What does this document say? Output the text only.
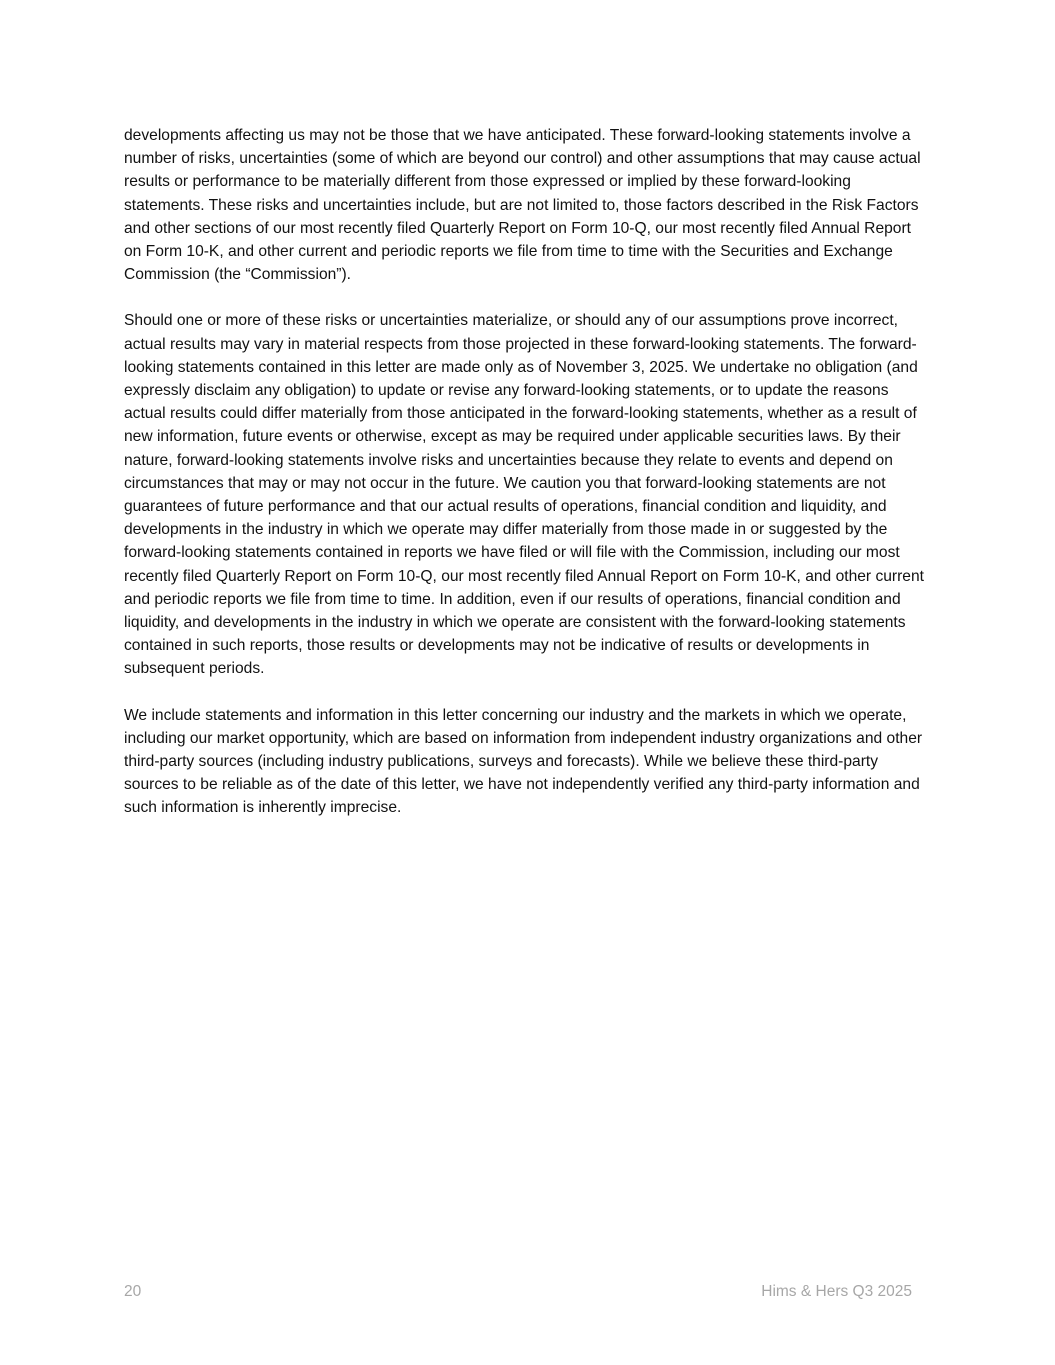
developments affecting us may not be those that we have anticipated. These forward-looking statements involve a number of risks, uncertainties (some of which are beyond our control) and other assumptions that may cause actual results or performance to be materially different from those expressed or implied by these forward-looking statements. These risks and uncertainties include, but are not limited to, those factors described in the Risk Factors and other sections of our most recently filed Quarterly Report on Form 10-Q, our most recently filed Annual Report on Form 10-K, and other current and periodic reports we file from time to time with the Securities and Exchange Commission (the “Commission”).

Should one or more of these risks or uncertainties materialize, or should any of our assumptions prove incorrect, actual results may vary in material respects from those projected in these forward-looking statements. The forward-looking statements contained in this letter are made only as of November 3, 2025. We undertake no obligation (and expressly disclaim any obligation) to update or revise any forward-looking statements, or to update the reasons actual results could differ materially from those anticipated in the forward-looking statements, whether as a result of new information, future events or otherwise, except as may be required under applicable securities laws. By their nature, forward-looking statements involve risks and uncertainties because they relate to events and depend on circumstances that may or may not occur in the future. We caution you that forward-looking statements are not guarantees of future performance and that our actual results of operations, financial condition and liquidity, and developments in the industry in which we operate may differ materially from those made in or suggested by the forward-looking statements contained in reports we have filed or will file with the Commission, including our most recently filed Quarterly Report on Form 10-Q, our most recently filed Annual Report on Form 10-K, and other current and periodic reports we file from time to time. In addition, even if our results of operations, financial condition and liquidity, and developments in the industry in which we operate are consistent with the forward-looking statements contained in such reports, those results or developments may not be indicative of results or developments in subsequent periods.

We include statements and information in this letter concerning our industry and the markets in which we operate, including our market opportunity, which are based on information from independent industry organizations and other third-party sources (including industry publications, surveys and forecasts). While we believe these third-party sources to be reliable as of the date of this letter, we have not independently verified any third-party information and such information is inherently imprecise.

20	Hims & Hers Q3 2025
